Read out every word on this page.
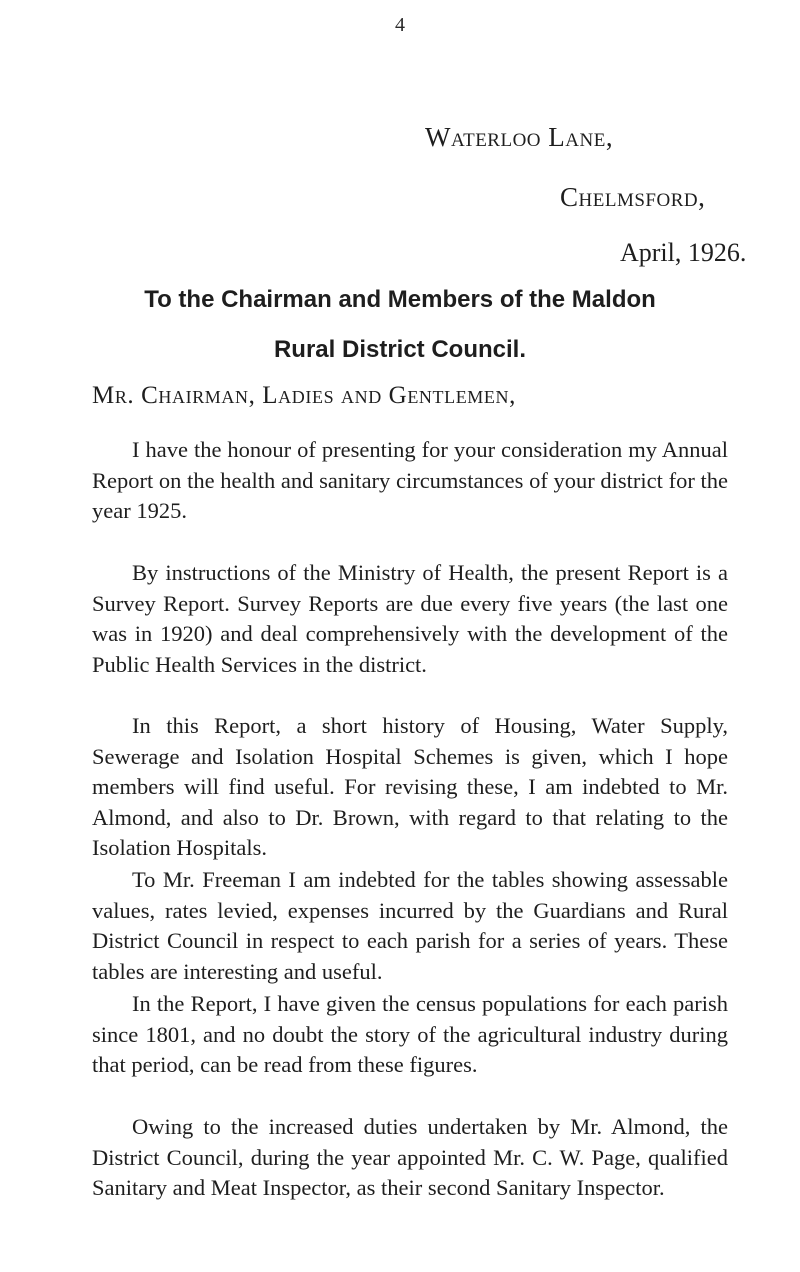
4
Waterloo Lane,
Chelmsford,
April, 1926.
To the Chairman and Members of the Maldon
Rural District Council.
Mr. Chairman, Ladies and Gentlemen,

I have the honour of presenting for your consideration my Annual Report on the health and sanitary circumstances of your district for the year 1925.

By instructions of the Ministry of Health, the present Report is a Survey Report. Survey Reports are due every five years (the last one was in 1920) and deal comprehensively with the development of the Public Health Services in the district.

In this Report, a short history of Housing, Water Supply, Sewerage and Isolation Hospital Schemes is given, which I hope members will find useful. For revising these, I am indebted to Mr. Almond, and also to Dr. Brown, with regard to that relating to the Isolation Hospitals.

To Mr. Freeman I am indebted for the tables showing assessable values, rates levied, expenses incurred by the Guardians and Rural District Council in respect to each parish for a series of years. These tables are interesting and useful.

In the Report, I have given the census populations for each parish since 1801, and no doubt the story of the agricultural industry during that period, can be read from these figures.

Owing to the increased duties undertaken by Mr. Almond, the District Council, during the year appointed Mr. C. W. Page, qualified Sanitary and Meat Inspector, as their second Sanitary Inspector.
